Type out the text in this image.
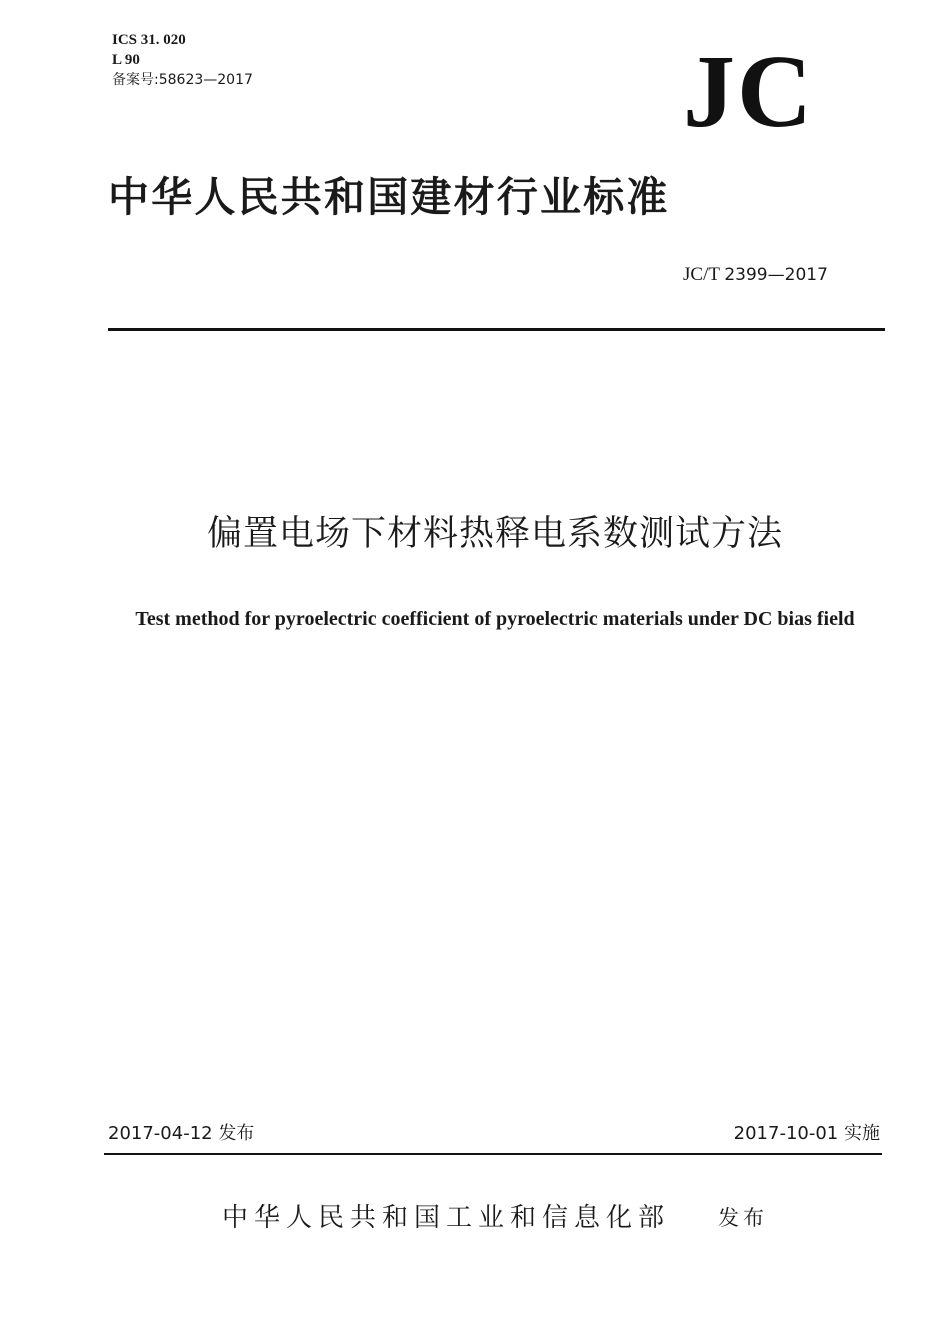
ICS 31. 020
L 90
备案号:58623—2017	JC
中华人民共和国建材行业标准
JC/T 2399—2017
偏置电场下材料热释电系数测试方法
Test method for pyroelectric coefficient of pyroelectric materials under DC bias field
2017-04-12 发布	2017-10-01 实施
中华人民共和国工业和信息化部 发布
